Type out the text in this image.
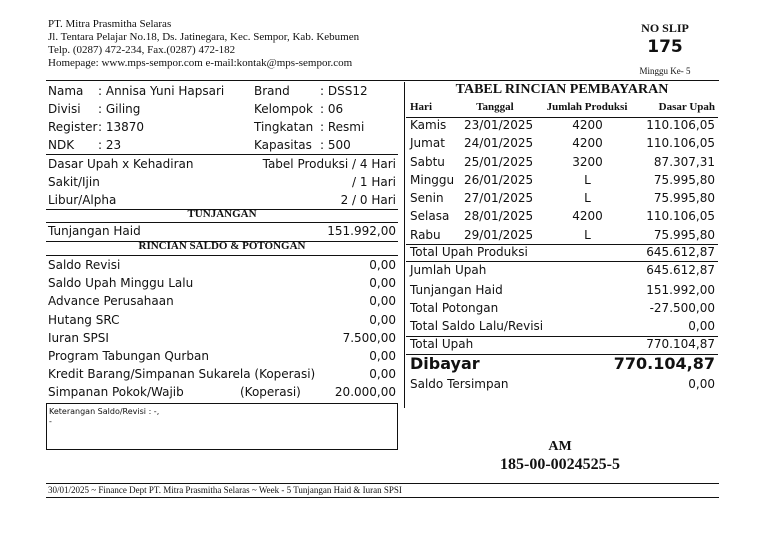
PT. Mitra Prasmitha Selaras
Jl. Tentara Pelajar No.18, Ds. Jatinegara, Kec. Sempor, Kab. Kebumen
Telp. (0287) 472-234, Fax.(0287) 472-182
Homepage: www.mps-sempor.com e-mail:kontak@mps-sempor.com
NO SLIP
175
Minggu Ke- 5
Nama : Annisa Yuni Hapsari Brand	: DSS12
Divisi : Giling	Kelompok : 06
Register : 13870	Tingkatan : Resmi
NDK : 23	Kapasitas : 500
Dasar Upah x Kehadiran	Tabel Produksi / 4 Hari
Sakit/Ijin	/ 1 Hari
Libur/Alpha	2 / 0 Hari
TUNJANGAN
Tunjangan Haid	151.992,00
RINCIAN SALDO & POTONGAN
Saldo Revisi	0,00
Saldo Upah Minggu Lalu	0,00
Advance Perusahaan	0,00
Hutang SRC	0,00
Iuran SPSI	7.500,00
Program Tabungan Qurban	0,00
Kredit Barang/Simpanan Sukarela (Koperasi)	0,00
Simpanan Pokok/Wajib	(Koperasi)	20.000,00
Keterangan Saldo/Revisi : -,
-
TABEL RINCIAN PEMBAYARAN
Hari	Tanggal	Jumlah Produksi	Dasar Upah
Kamis 23/01/2025	4200	110.106,05
Jumat 24/01/2025	4200	110.106,05
Sabtu 25/01/2025	3200	87.307,31
Minggu 26/01/2025	L	75.995,80
Senin 27/01/2025	L	75.995,80
Selasa 28/01/2025	4200	110.106,05
Rabu 29/01/2025	L	75.995,80
Total Upah Produksi	645.612,87
Jumlah Upah	645.612,87
Tunjangan Haid	151.992,00
Total Potongan	-27.500,00
Total Saldo Lalu/Revisi	0,00
Total Upah	770.104,87
Dibayar	770.104,87
Saldo Tersimpan	0,00
AM
185-00-0024525-5
30/01/2025 ~ Finance Dept PT. Mitra Prasmitha Selaras ~ Week - 5 Tunjangan Haid & Iuran SPSI
